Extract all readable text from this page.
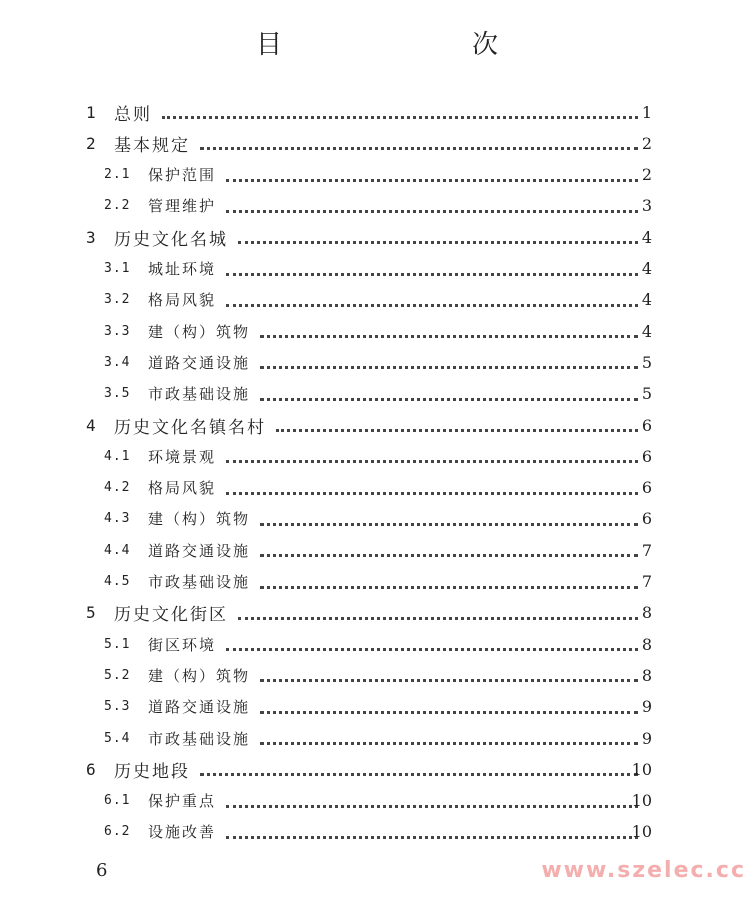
目　　次
1	总则	1
2	基本规定	2
2.1	保护范围	2
2.2	管理维护	3
3	历史文化名城	4
3.1	城址环境	4
3.2	格局风貌	4
3.3	建（构）筑物	4
3.4	道路交通设施	5
3.5	市政基础设施	5
4	历史文化名镇名村	6
4.1	环境景观	6
4.2	格局风貌	6
4.3	建（构）筑物	6
4.4	道路交通设施	7
4.5	市政基础设施	7
5	历史文化街区	8
5.1	街区环境	8
5.2	建（构）筑物	8
5.3	道路交通设施	9
5.4	市政基础设施	9
6	历史地段	10
6.1	保护重点	10
6.2	设施改善	10
6	www.szelec.cc
